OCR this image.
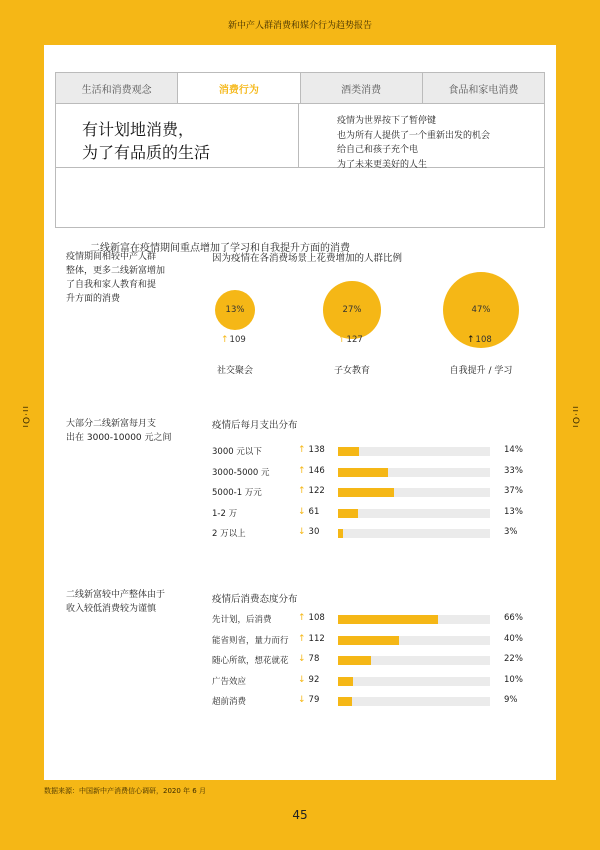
新中产人群消费和媒介行为趋势报告
ıı·Oı	ıı·Oı
生活和消费观念	消费行为	酒类消费	食品和家电消费
有计划地消费，
为了有品质的生活
疫情为世界按下了暂停键
也为所有人提供了一个重新出发的机会
给自己和孩子充个电
为了未来更美好的人生
二线新富在疫情期间重点增加了学习和自我提升方面的消费
疫情期间相较中产人群
整体，更多二线新富增加
了自我和家人教育和提
升方面的消费
因为疫情在各消费场景上花费增加的人群比例
13%
↑ 109
社交聚会
27%
↑ 127
子女教育
47%
↑ 108
自我提升 / 学习
大部分二线新富每月支
出在 3000-10000 元之间
疫情后每月支出分布
3000 元以下	↑ 138	14%
3000-5000 元	↑ 146	33%
5000-1 万元	↑ 122	37%
1-2 万	↓ 61	13%
2 万以上	↓ 30	3%
二线新富较中产整体由于
收入较低消费较为谨慎
疫情后消费态度分布
先计划，后消费	↑ 108	66%
能省则省，量力而行 ↑ 112	40%
随心所欲，想花就花 ↓ 78	22%
广告效应	↓ 92	10%
超前消费	↓ 79	9%
数据来源：中国新中产消费信心调研，2020 年 6 月
45
